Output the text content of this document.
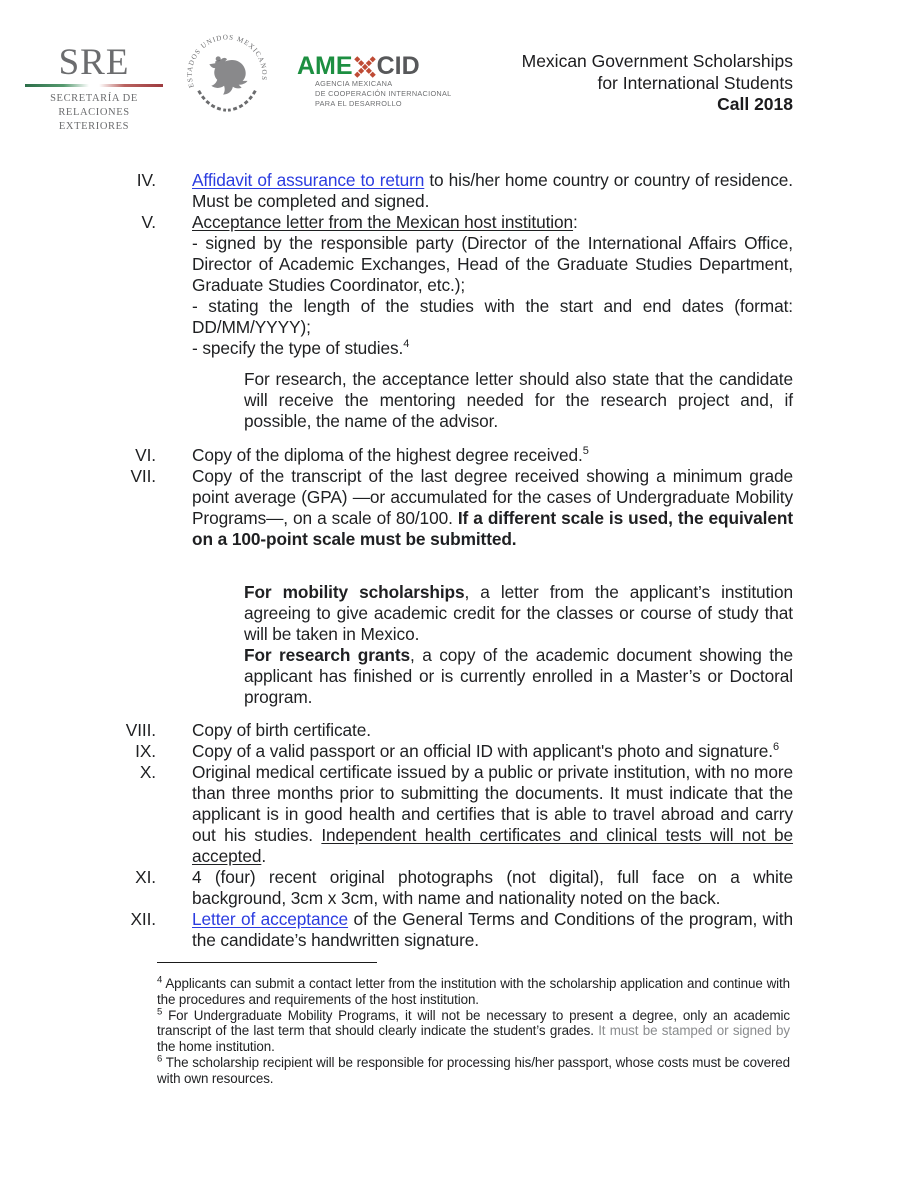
SRE
SECRETARÍA DE
RELACIONES EXTERIORES
ESTADOS UNIDOS MEXICANOS AME CID
AGENCIA MEXICANA
DE COOPERACIÓN INTERNACIONAL
PARA EL DESARROLLO
Mexican Government Scholarships
for International Students
Call 2018
IV. Affidavit of assurance to return to his/her home country or country of residence. Must be completed and signed.
V. Acceptance letter from the Mexican host institution:
- signed by the responsible party (Director of the International Affairs Office, Director of Academic Exchanges, Head of the Graduate Studies Department, Graduate Studies Coordinator, etc.);
- stating the length of the studies with the start and end dates (format: DD/MM/YYYY);
- specify the type of studies.$^4$
For research, the acceptance letter should also state that the candidate will receive the mentoring needed for the research project and, if possible, the name of the advisor.
VI. Copy of the diploma of the highest degree received.$^5$
VII. Copy of the transcript of the last degree received showing a minimum grade point average (GPA) —or accumulated for the cases of Undergraduate Mobility Programs—, on a scale of 80/100. If a different scale is used, the equivalent on a 100-point scale must be submitted.
For mobility scholarships, a letter from the applicant’s institution agreeing to give academic credit for the classes or course of study that will be taken in Mexico.
For research grants, a copy of the academic document showing the applicant has finished or is currently enrolled in a Master’s or Doctoral program.
VIII. Copy of birth certificate.
IX. Copy of a valid passport or an official ID with applicant's photo and signature.$^6$
X. Original medical certificate issued by a public or private institution, with no more than three months prior to submitting the documents. It must indicate that the applicant is in good health and certifies that is able to travel abroad and carry out his studies. Independent health certificates and clinical tests will not be accepted.
XI. 4 (four) recent original photographs (not digital), full face on a white background, 3cm x 3cm, with name and nationality noted on the back.
XII. Letter of acceptance of the General Terms and Conditions of the program, with the candidate’s handwritten signature.
$^4$ Applicants can submit a contact letter from the institution with the scholarship application and continue with the procedures and requirements of the host institution.
$^5$ For Undergraduate Mobility Programs, it will not be necessary to present a degree, only an academic transcript of the last term that should clearly indicate the student’s grades. It must be stamped or signed by the home institution.
$^6$ The scholarship recipient will be responsible for processing his/her passport, whose costs must be covered with own resources.
